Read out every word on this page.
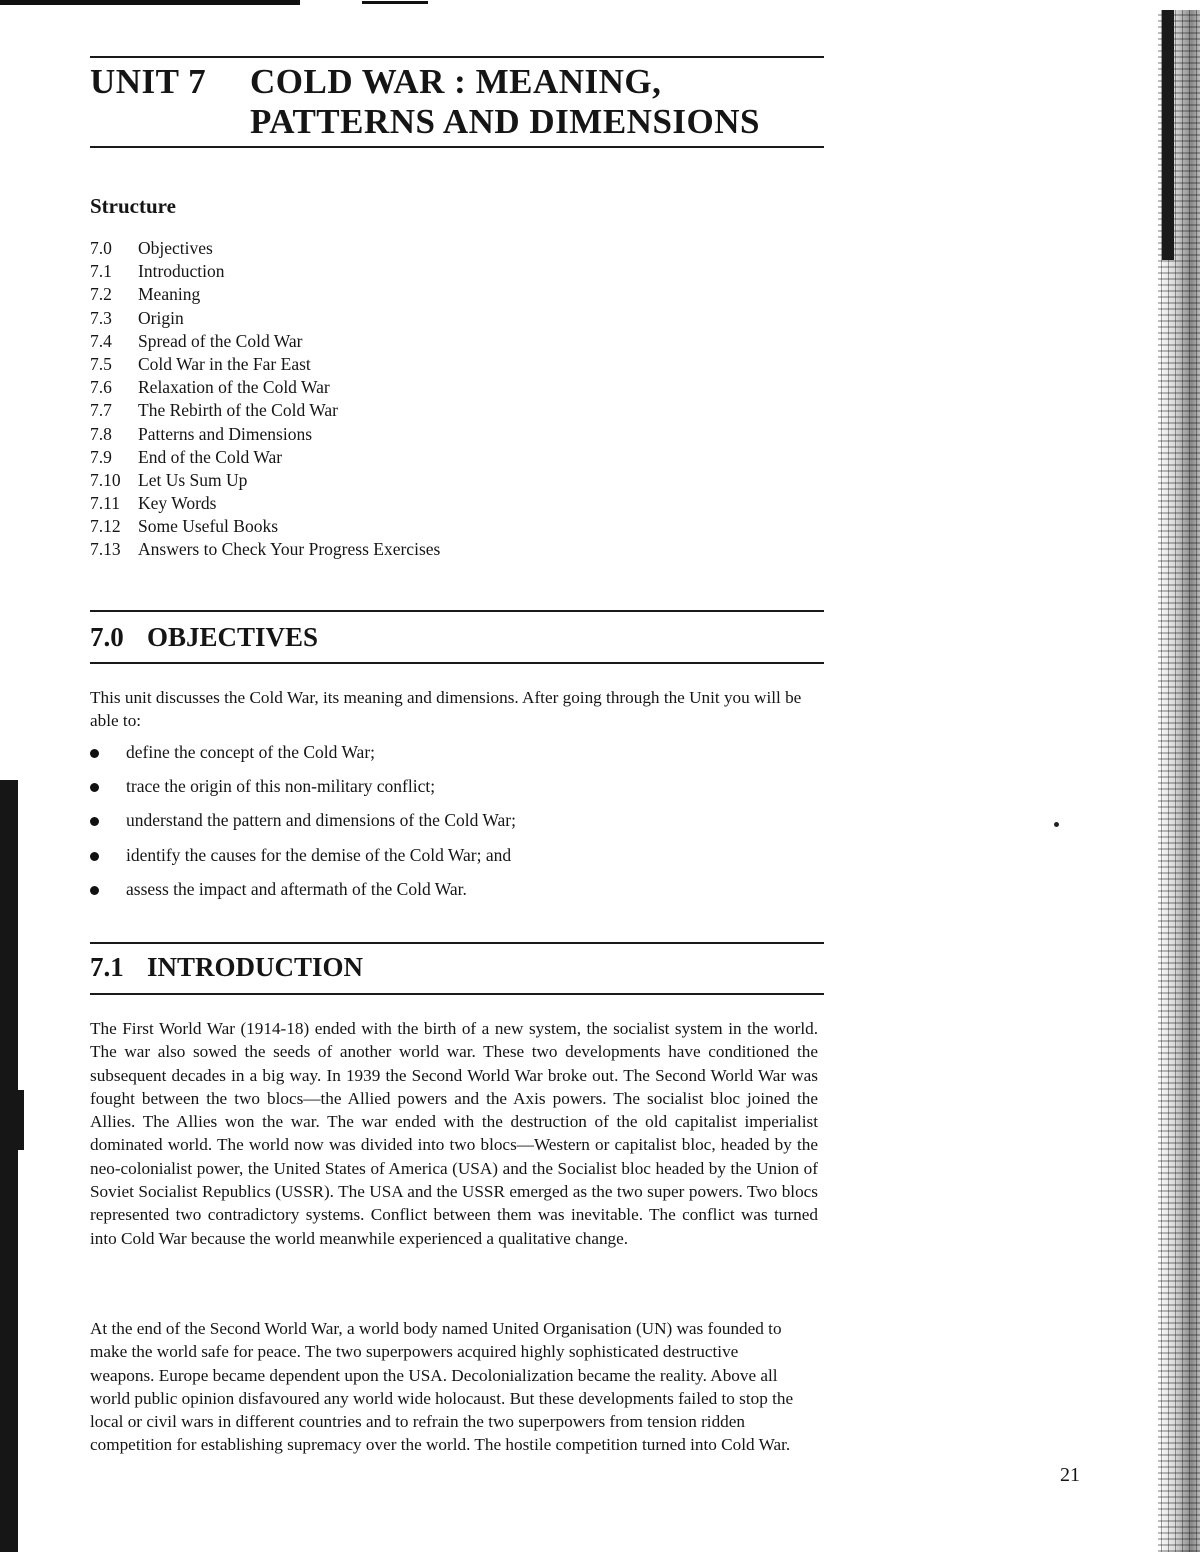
UNIT 7 COLD WAR : MEANING,
PATTERNS AND DIMENSIONS
Structure
7.0 Objectives
7.1 Introduction
7.2 Meaning
7.3 Origin
7.4 Spread of the Cold War
7.5 Cold War in the Far East
7.6 Relaxation of the Cold War
7.7 The Rebirth of the Cold War
7.8 Patterns and Dimensions
7.9 End of the Cold War
7.10 Let Us Sum Up
7.11 Key Words
7.12 Some Useful Books
7.13 Answers to Check Your Progress Exercises
7.0 OBJECTIVES

This unit discusses the Cold War, its meaning and dimensions. After going through the Unit you will be able to:

define the concept of the Cold War;
trace the origin of this non-military conflict;
understand the pattern and dimensions of the Cold War;
identify the causes for the demise of the Cold War; and
assess the impact and aftermath of the Cold War.
7.1 INTRODUCTION

The First World War (1914-18) ended with the birth of a new system, the socialist system in the world. The war also sowed the seeds of another world war. These two developments have conditioned the subsequent decades in a big way. In 1939 the Second World War broke out. The Second World War was fought between the two blocs—the Allied powers and the Axis powers. The socialist bloc joined the Allies. The Allies won the war. The war ended with the destruction of the old capitalist imperialist dominated world. The world now was divided into two blocs—Western or capitalist bloc, headed by the neo-colonialist power, the United States of America (USA) and the Socialist bloc headed by the Union of Soviet Socialist Republics (USSR). The USA and the USSR emerged as the two super powers. Two blocs represented two contradictory systems. Conflict between them was inevitable. The conflict was turned into Cold War because the world meanwhile experienced a qualitative change.

At the end of the Second World War, a world body named United Organisation (UN) was founded to make the world safe for peace. The two superpowers acquired highly sophisticated destructive weapons. Europe became dependent upon the USA. Decolonialization became the reality. Above all world public opinion disfavoured any world wide holocaust. But these developments failed to stop the local or civil wars in different countries and to refrain the two superpowers from tension ridden competition for establishing supremacy over the world. The hostile competition turned into Cold War.

21
